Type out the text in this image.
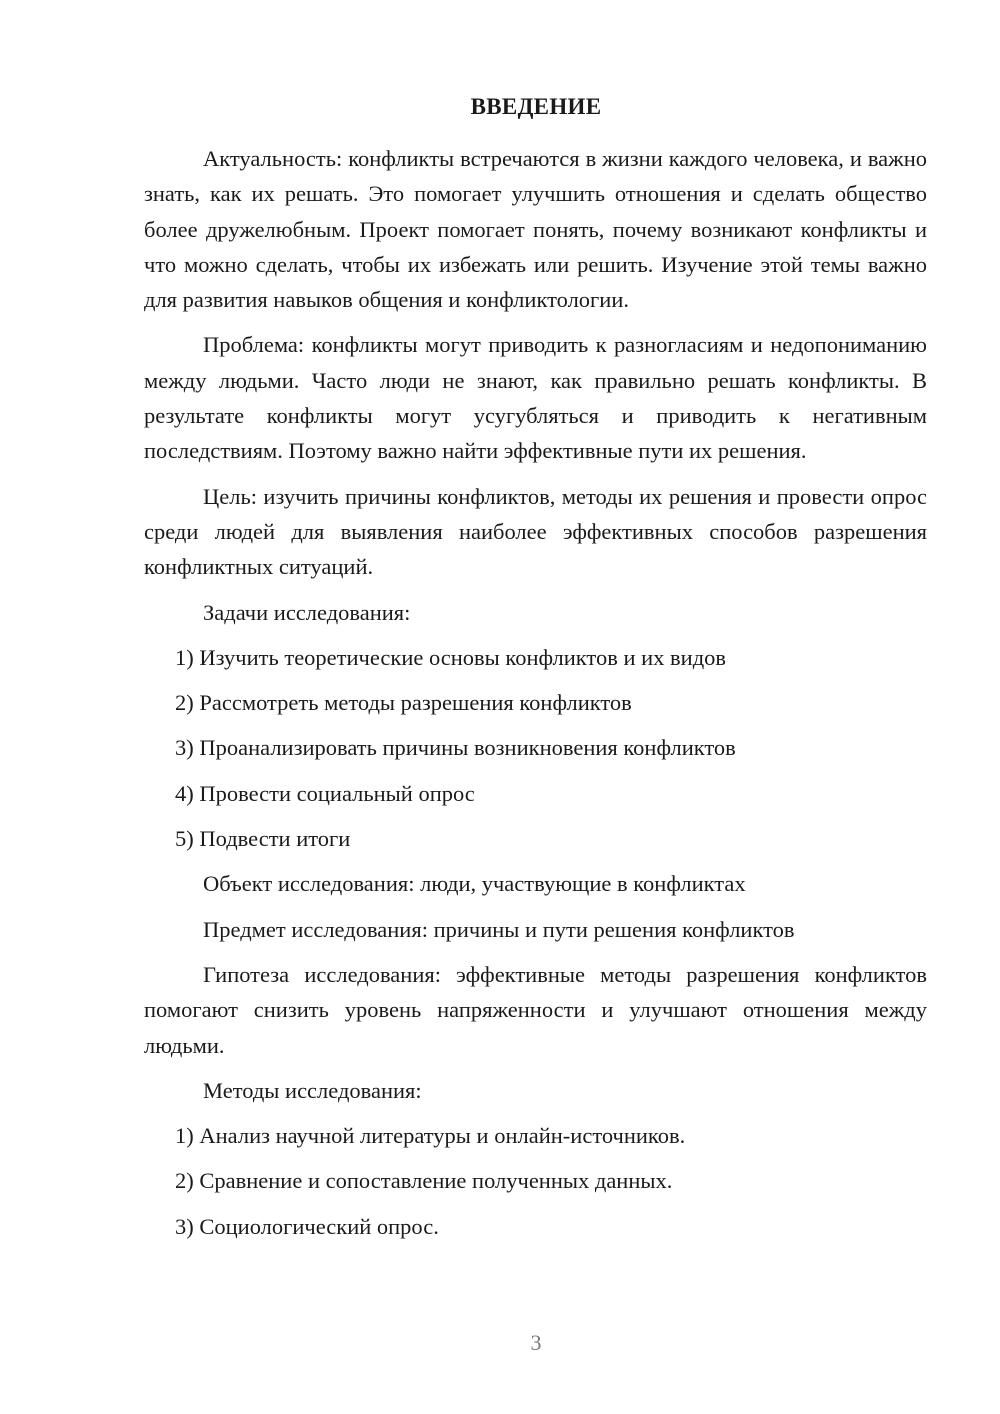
ВВЕДЕНИЕ

Актуальность: конфликты встречаются в жизни каждого человека, и важно знать, как их решать. Это помогает улучшить отношения и сделать общество более дружелюбным. Проект помогает понять, почему возникают конфликты и что можно сделать, чтобы их избежать или решить. Изучение этой темы важно для развития навыков общения и конфликтологии.

Проблема: конфликты могут приводить к разногласиям и недопониманию между людьми. Часто люди не знают, как правильно решать конфликты. В результате конфликты могут усугубляться и приводить к негативным последствиям. Поэтому важно найти эффективные пути их решения.

Цель: изучить причины конфликтов, методы их решения и провести опрос среди людей для выявления наиболее эффективных способов разрешения конфликтных ситуаций.

Задачи исследования:

1) Изучить теоретические основы конфликтов и их видов

2) Рассмотреть методы разрешения конфликтов

3) Проанализировать причины возникновения конфликтов

4) Провести социальный опрос

5) Подвести итоги

Объект исследования: люди, участвующие в конфликтах

Предмет исследования: причины и пути решения конфликтов

Гипотеза исследования: эффективные методы разрешения конфликтов помогают снизить уровень напряженности и улучшают отношения между людьми.

Методы исследования:

1) Анализ научной литературы и онлайн-источников.

2) Сравнение и сопоставление полученных данных.

3) Социологический опрос.

3
